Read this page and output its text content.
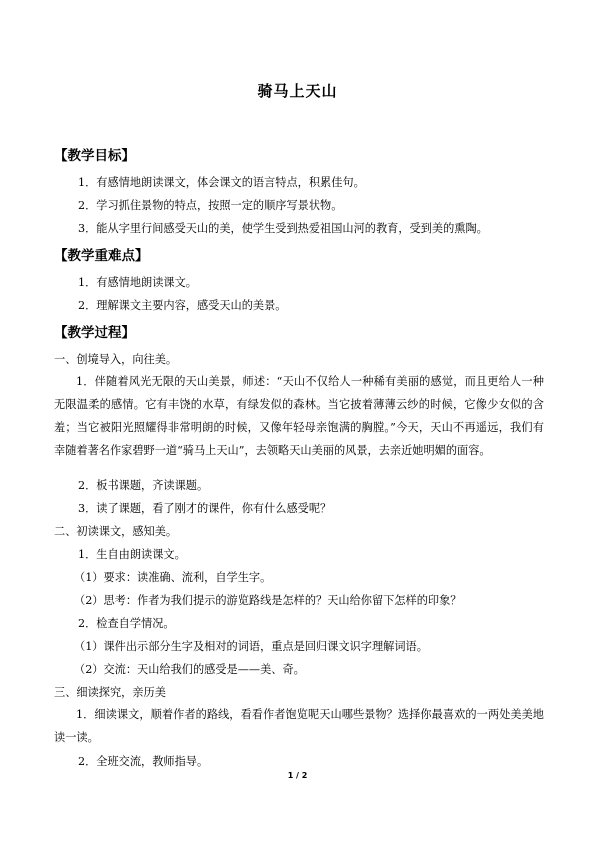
骑马上天山
【教学目标】
1．有感情地朗读课文，体会课文的语言特点，积累佳句。
2．学习抓住景物的特点，按照一定的顺序写景状物。
3．能从字里行间感受天山的美，使学生受到热爱祖国山河的教育，受到美的熏陶。
【教学重难点】
1．有感情地朗读课文。
2．理解课文主要内容，感受天山的美景。
【教学过程】
一、创境导入，向往美。
1．伴随着风光无限的天山美景，师述：“天山不仅给人一种稀有美丽的感觉，而且更给人一种无限温柔的感情。它有丰饶的水草，有绿发似的森林。当它披着薄薄云纱的时候，它像少女似的含羞；当它被阳光照耀得非常明朗的时候，又像年轻母亲饱满的胸膛。”今天，天山不再遥远，我们有幸随着著名作家碧野一道“骑马上天山”，去领略天山美丽的风景，去亲近她明媚的面容。
2．板书课题，齐读课题。
3．读了课题，看了刚才的课件，你有什么感受呢？
二、初读课文，感知美。
1．生自由朗读课文。
（1）要求：读准确、流利，自学生字。
（2）思考：作者为我们提示的游览路线是怎样的？天山给你留下怎样的印象？
2．检查自学情况。
（1）课件出示部分生字及相对的词语，重点是回归课文识字理解词语。
（2）交流：天山给我们的感受是——美、奇。
三、细读探究，亲历美
1．细读课文，顺着作者的路线，看看作者饱览呢天山哪些景物？选择你最喜欢的一两处美美地读一读。
2．全班交流，教师指导。
1 / 2
